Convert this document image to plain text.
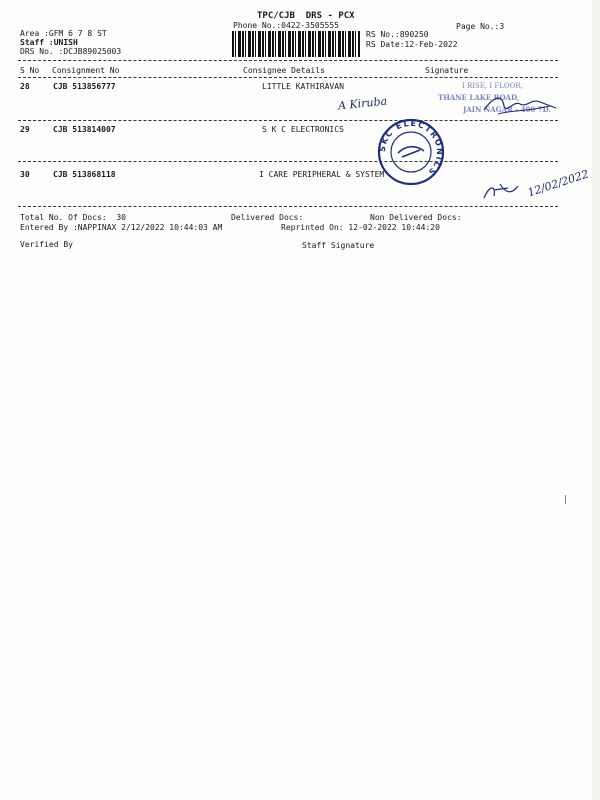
TPC/CJB  DRS - PCX
Phone No.:0422-3505555	Page No.:3
RS No.:890250
RS Date:12-Feb-2022
Area :GFM 6 7 8 ST
Staff :UNISH
DRS No. :DCJB89025003
S No Consignment No	Consignee Details	Signature
28	CJB 513856777	LITTLE KATHIRAVAN
29	CJB 513814007	S K C ELECTRONICS
30	CJB 513868118	I CARE PERIPHERAL & SYSTEM
Total No. Of Docs:  30	Delivered Docs:	Non Delivered Docs:
Entered By :NAPPINAX 2/12/2022 10:44:03 AM	Reprinted On: 12-02-2022 10:44:20
Verified By	Staff Signature
I RISE, I FLOOR,
THANE LAKE ROAD,
JAIN NAGAR - 400 7D.
A Kiruba
SKC ELECTRONICS	12/02/2022
